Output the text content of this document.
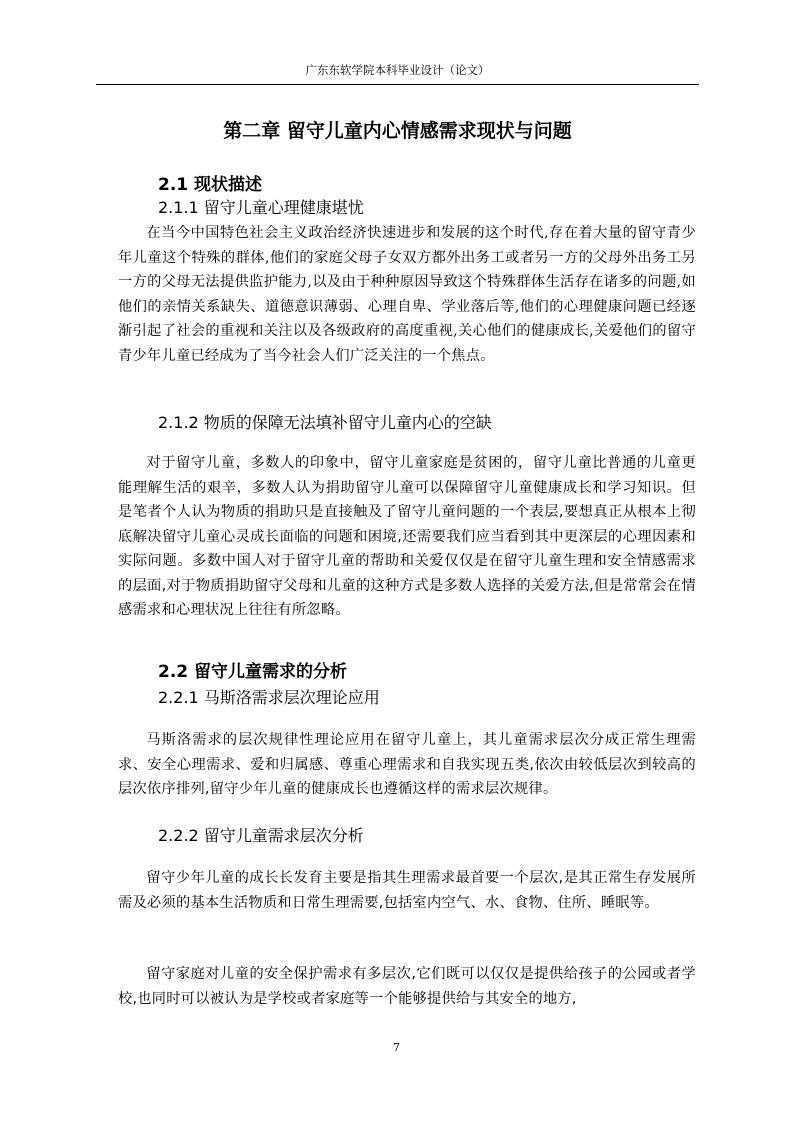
广东东软学院本科毕业设计（论文）
第二章 留守儿童内心情感需求现状与问题
2.1 现状描述
2.1.1 留守儿童心理健康堪忧

在当今中国特色社会主义政治经济快速进步和发展的这个时代,存在着大量的留守青少年儿童这个特殊的群体,他们的家庭父母子女双方都外出务工或者另一方的父母外出务工另一方的父母无法提供监护能力,以及由于种种原因导致这个特殊群体生活存在诸多的问题,如他们的亲情关系缺失、道德意识薄弱、心理自卑、学业落后等,他们的心理健康问题已经逐渐引起了社会的重视和关注以及各级政府的高度重视,关心他们的健康成长,关爱他们的留守青少年儿童已经成为了当今社会人们广泛关注的一个焦点。

2.1.2 物质的保障无法填补留守儿童内心的空缺

对于留守儿童，多数人的印象中，留守儿童家庭是贫困的，留守儿童比普通的儿童更能理解生活的艰辛，多数人认为捐助留守儿童可以保障留守儿童健康成长和学习知识。但是笔者个人认为物质的捐助只是直接触及了留守儿童问题的一个表层,要想真正从根本上彻底解决留守儿童心灵成长面临的问题和困境,还需要我们应当看到其中更深层的心理因素和实际问题。多数中国人对于留守儿童的帮助和关爱仅仅是在留守儿童生理和安全情感需求的层面,对于物质捐助留守父母和儿童的这种方式是多数人选择的关爱方法,但是常常会在情感需求和心理状况上往往有所忽略。

2.2 留守儿童需求的分析
2.2.1 马斯洛需求层次理论应用

马斯洛需求的层次规律性理论应用在留守儿童上，其儿童需求层次分成正常生理需求、安全心理需求、爱和归属感、尊重心理需求和自我实现五类,依次由较低层次到较高的层次依序排列,留守少年儿童的健康成长也遵循这样的需求层次规律。

2.2.2 留守儿童需求层次分析

留守少年儿童的成长长发育主要是指其生理需求最首要一个层次,是其正常生存发展所需及必须的基本生活物质和日常生理需要,包括室内空气、水、食物、住所、睡眠等。

留守家庭对儿童的安全保护需求有多层次,它们既可以仅仅是提供给孩子的公园或者学校,也同时可以被认为是学校或者家庭等一个能够提供给与其安全的地方,

7
